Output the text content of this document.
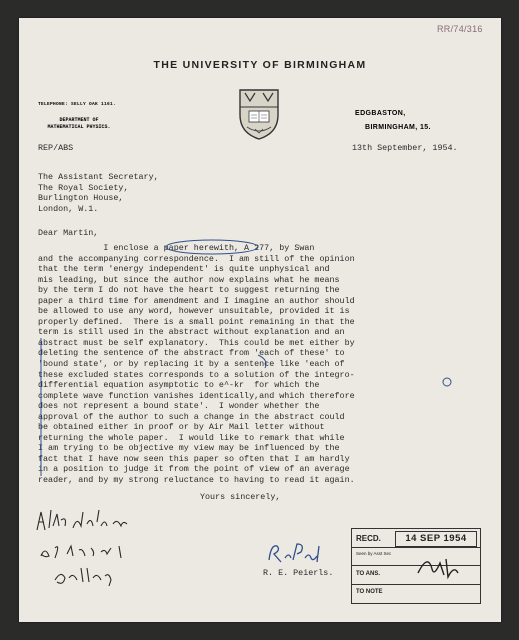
RR/74/316
THE UNIVERSITY OF BIRMINGHAM
TELEPHONE: SELLY OAK 1161.
DEPARTMENT OF
MATHEMATICAL PHYSICS.
EDGBASTON,
BIRMINGHAM, 15.
REP/ABS	13th September, 1954.
The Assistant Secretary,
The Royal Society,
Burlington House,
London, W.1.
Dear Martin,
I enclose a paper herewith, A 277, by Swan
and the accompanying correspondence.  I am still of the opinion
that the term 'energy independent' is quite unphysical and
mis leading, but since the author now explains what he means
by the term I do not have the heart to suggest returning the
paper a third time for amendment and I imagine an author should
be allowed to use any word, however unsuitable, provided it is
properly defined.  There is a small point remaining in that the
term is still used in the abstract without explanation and an
abstract must be self explanatory.  This could be met either by
deleting the sentence of the abstract from 'each of these' to
'bound state', or by replacing it by a sentence like 'each of
these excluded states corresponds to a solution of the integro-
differential equation asymptotic to e^-kr  for which the
complete wave function vanishes identically,and which therefore
does not represent a bound state'.  I wonder whether the
approval of the author to such a change in the abstract could
be obtained either in proof or by Air Mail letter without
returning the whole paper.  I would like to remark that while
I am trying to be objective my view may be influenced by the
fact that I have now seen this paper so often that I am hardly
in a position to judge it from the point of view of an average
reader, and by my strong reluctance to having to read it again.
Yours sincerely,
R. E. Peierls.
RECD.	14 SEP 1954
Seen by Asst Sec
TO ANS.
TO NOTE
